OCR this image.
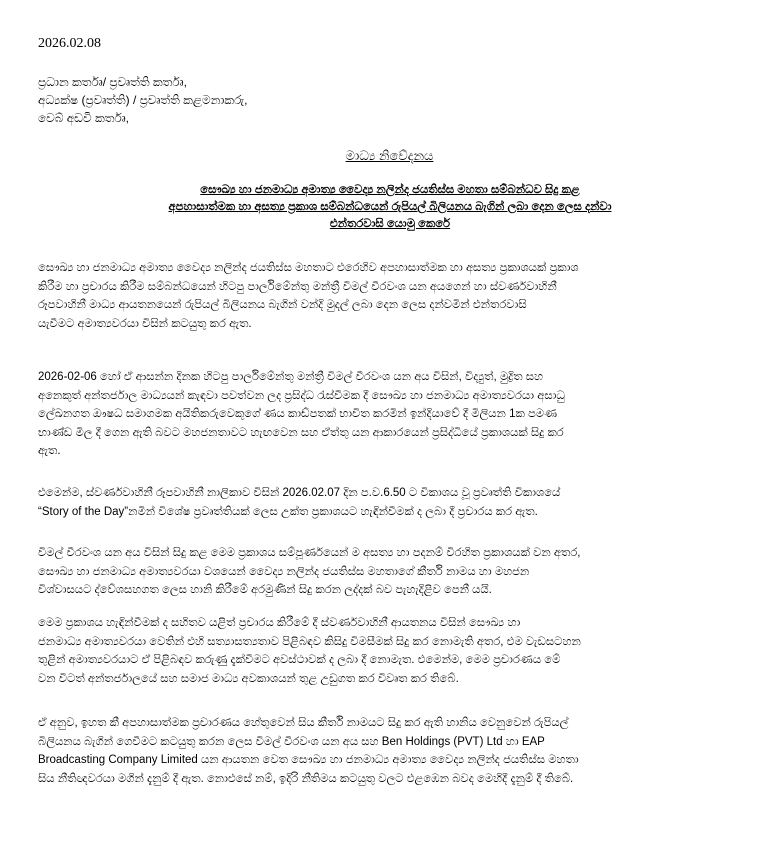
2026.02.08
ප්‍රධාන කර්තෘ/ ප්‍රවෘත්ති කර්තෘ,
අධ්‍යක්ෂ (ප්‍රවෘත්ති) / ප්‍රවෘත්ති කළමනාකරු,
වෙබ් අඩවි කර්තෘ,
මාධ්‍ය නිවේදනය
සෞඛ්‍ය හා ජනමාධ්‍ය අමාත්‍ය වෛද්‍ය නලින්ද ජයතිස්ස මහතා සම්බන්ධව සිදු කළ
අපහාසාත්මක හා අසත්‍ය ප්‍රකාශ සම්බන්ධයෙන් රුපියල් බිලියනය බැගින් ලබා දෙන ලෙස දන්වා
එන්තරවාසි යොමු කෙරේ
සෞඛ්‍ය හා ජනමාධ්‍ය අමාත්‍ය වෛද්‍ය නලින්ද ජයතිස්ස මහතාට එරෙහිව අපහාසාත්මක හා අසත්‍ය ප්‍රකාශයක් ප්‍රකාශ
කිරීම හා ප්‍රචාරය කිරීම සම්බන්ධයෙන් හිටපු පාර්ලිමේන්තු මන්ත්‍රී විමල් වීරවංශ යන අයගෙන් හා ස්වර්ණවාහිනී
රූපවාහිනී මාධ්‍ය ආයතනයෙන් රුපියල් බිලියනය බැගින් වන්දි මුදල් ලබා දෙන ලෙස දන්වමින් එන්තරවාසි
යැවීමට අමාත්‍යවරයා විසින් කටයුතු කර ඇත.
2026-02-06 හෝ ඒ ආසන්න දිනක හිටපු පාර්ලිමේන්තු මන්ත්‍රී විමල් වීරවංශ යන අය විසින්, විද්‍යුත්, මුද්‍රිත සහ
අනෙකුත් අන්තර්ජාල මාධ්‍යයන් කැඳවා පවත්වන ලද ප්‍රසිද්ධ රැස්වීමක දී සෞඛ්‍ය හා ජනමාධ්‍ය අමාත්‍යවරයා අසාධු
ලේඛනගත ඖෂධ සමාගමක අයිතිකරුවෙකුගේ ණය කාඩ්පතක් භාවිත කරමින් ඉන්දියාවේ දී මිලියන 1ක පමණ
භාණ්ඩ මිල දී ගෙන ඇති බවට මහජනතාවට හැඟවෙන සහ ඒත්තු යන ආකාරයෙන් ප්‍රසිද්ධියේ ප්‍රකාශයක් සිදු කර
ඇත.
එමෙන්ම, ස්වර්ණවාහිනී රූපවාහිනී නාලිකාව විසින් 2026.02.07 දින ප.ව.6.50 ට විකාශය වූ ප්‍රවෘත්ති විකාශයේ
“Story of the Day”නමින් විශේෂ ප්‍රවෘත්තියක් ලෙස උක්ත ප්‍රකාශයට හැඳින්වීමක් ද ලබා දී ප්‍රචාරය කර ඇත.
විමල් වීරවංශ යන අය විසින් සිදු කළ මෙම ප්‍රකාශය සම්පූර්ණයෙන් ම අසත්‍ය හා පදනම් විරහිත ප්‍රකාශයක් වන අතර,
සෞඛ්‍ය හා ජනමාධ්‍ය අමාත්‍යවරයා වශයෙන් වෛද්‍ය නලින්ද ජයතිස්ස මහතාගේ කීර්ති නාමය හා මහජන
විශ්වාසයට ද්වේශසහගත ලෙස හානි කිරීමේ අරමුණින් සිදු කරන ලද්දක් බව පැහැදිළිව පෙනී යයි.
මෙම ප්‍රකාශය හැඳින්වීමක් ද සහිතව යළිත් ප්‍රචාරය කිරීමේ දී ස්වර්ණවාහිනී ආයතනය විසින් සෞඛ්‍ය හා
ජනමාධ්‍ය අමාත්‍යවරයා වෙතින් එහි සත්‍යාසත්‍යතාව පිළිබඳව කිසිදු විමසීමක් සිදු කර නොමැති අතර, එම වැඩසටහන
තුළින් අමාත්‍යවරයාට ඒ පිළිබඳව කරුණු දැක්වීමට අවස්ථාවක් ද ලබා දී නොමැත. එමෙන්ම, මෙම ප්‍රචාරණය මේ
වන විටත් අන්තර්ජාලයේ සහ සමාජ මාධ්‍ය අවකාශයන් තුළ උඩුගත කර විවෘත කර තිබේ.
ඒ අනුව, ඉහත කී අපහාසාත්මක ප්‍රචාරණය හේතුවෙන් සිය කීර්ති නාමයට සිදු කර ඇති හානිය වෙනුවෙන් රුපියල්
බිලියනය බැගින් ගෙවීමට කටයුතු කරන ලෙස විමල් වීරවංශ යන අය සහ Ben Holdings (PVT) Ltd හා EAP
Broadcasting Company Limited යන ආයතන වෙත සෞඛ්‍ය හා ජනමාධ්‍ය අමාත්‍ය වෛද්‍ය නලින්ද ජයතිස්ස මහතා
සිය නීතිඥවරයා මගින් දැනුම් දී ඇත. නොඑසේ නම්, ඉදිරි නීතිමය කටයුතු වලට එළඹෙන බවද මෙහිදී දැනුම් දී තිබේ.
